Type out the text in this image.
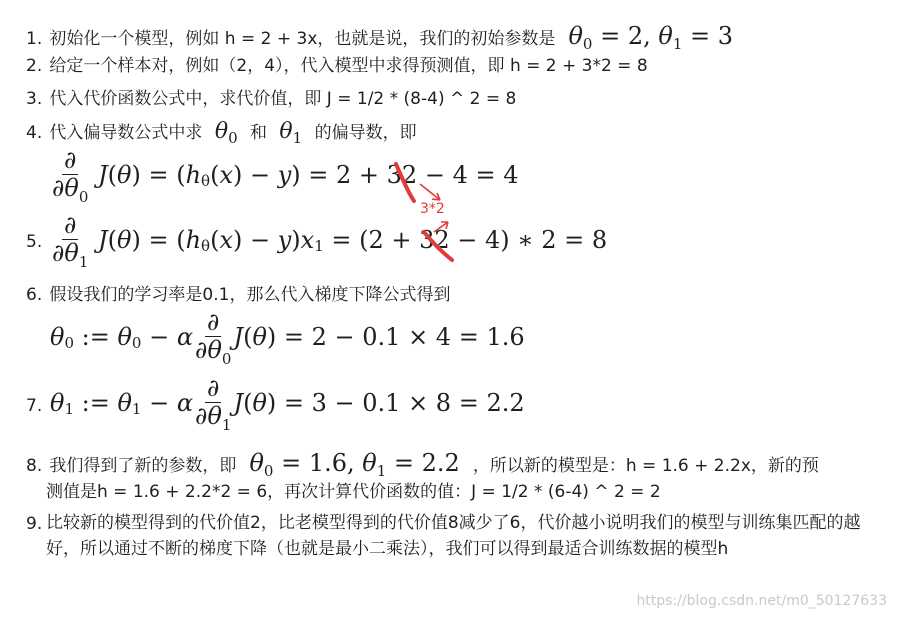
1. 初始化一个模型，例如 h = 2 + 3x，也就是说，我们的初始参数是 $\theta_0 = 2$, $\theta_1 = 3$
2. 给定一个样本对，例如（2，4），代入模型中求得预测值，即 h = 2 + 3*2 = 8
3. 代入代价函数公式中，求代价值，即 J = 1/2 * (8-4) ^ 2 = 8
4. 代入偏导数公式中求 $\theta_0$ 和 $\theta_1$ 的偏导数，即
$\frac{\partial}{\partial\theta_0}$ J ( θ ) = ( h θ ( x ) − y ) = 2 + 32 − 4 = 4
5. $\frac{\partial}{\partial\theta_1}$ J ( θ ) = ( h θ ( x ) − y ) x 1 = (2 + 32 − 4) ∗ 2 = 8
6. 假设我们的学习率是0.1，那么代入梯度下降公式得到
θ 0 := θ 0 − α $\frac{\partial}{\partial\theta_0}$ J ( θ ) = 2 − 0.1 × 4 = 1.6
7. θ 1 := θ 1 − α $\frac{\partial}{\partial\theta_1}$ J ( θ ) = 3 − 0.1 × 8 = 2.2
8. 我们得到了新的参数，即 $\theta_0 = 1.6$, $\theta_1 = 2.2$ ，所以新的模型是：h = 1.6 + 2.2x，新的预
测值是h = 1.6 + 2.2*2 = 6，再次计算代价函数的值：J = 1/2 * (6-4) ^ 2 = 2
9. 比较新的模型得到的代价值2，比老模型得到的代价值8减少了6，代价越小说明我们的模型与训练集匹配的越好，所以通过不断的梯度下降（也就是最小二乘法），我们可以得到最适合训练数据的模型h
3*2
https://blog.csdn.net/m0_50127633
